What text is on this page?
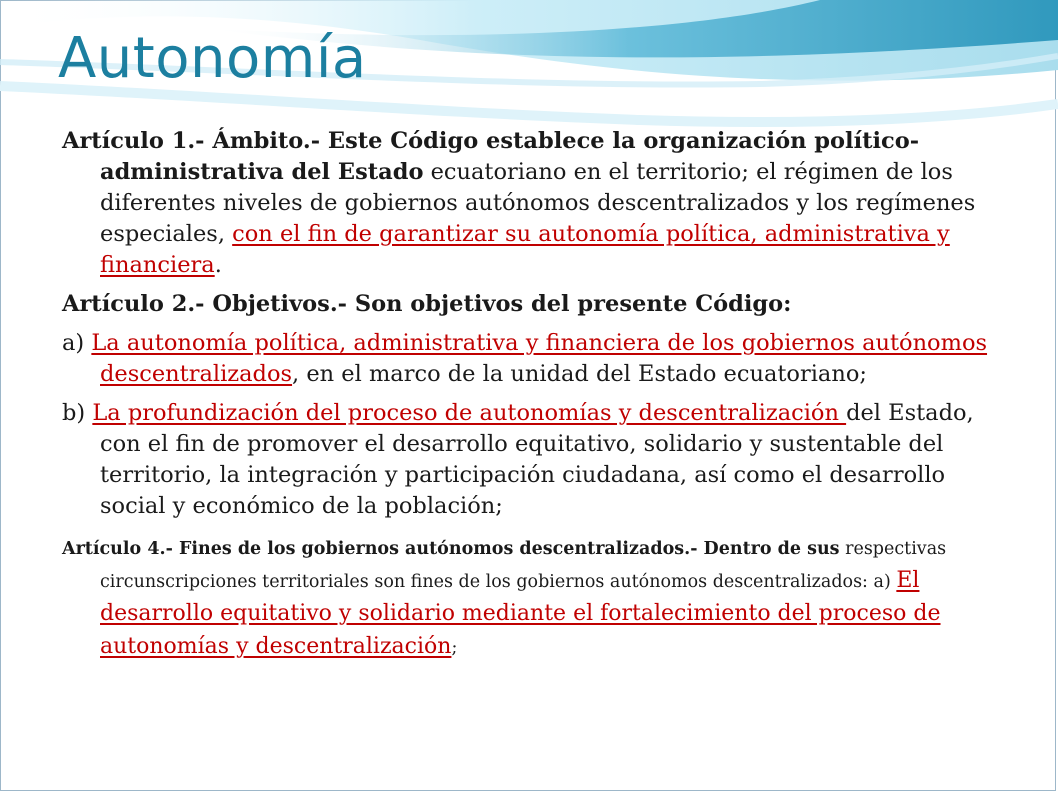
Autonomía

Artículo 1.- Ámbito.- Este Código establece la organización político-administrativa del Estado ecuatoriano en el territorio; el régimen de los diferentes niveles de gobiernos autónomos descentralizados y los regímenes especiales, con el fin de garantizar su autonomía política, administrativa y financiera.

Artículo 2.- Objetivos.- Son objetivos del presente Código:

a) La autonomía política, administrativa y financiera de los gobiernos autónomos descentralizados, en el marco de la unidad del Estado ecuatoriano;

b) La profundización del proceso de autonomías y descentralización del Estado, con el fin de promover el desarrollo equitativo, solidario y sustentable del territorio, la integración y participación ciudadana, así como el desarrollo social y económico de la población;

Artículo 4.- Fines de los gobiernos autónomos descentralizados.- Dentro de sus respectivas circunscripciones territoriales son fines de los gobiernos autónomos descentralizados: a) El desarrollo equitativo y solidario mediante el fortalecimiento del proceso de autonomías y descentralización;
